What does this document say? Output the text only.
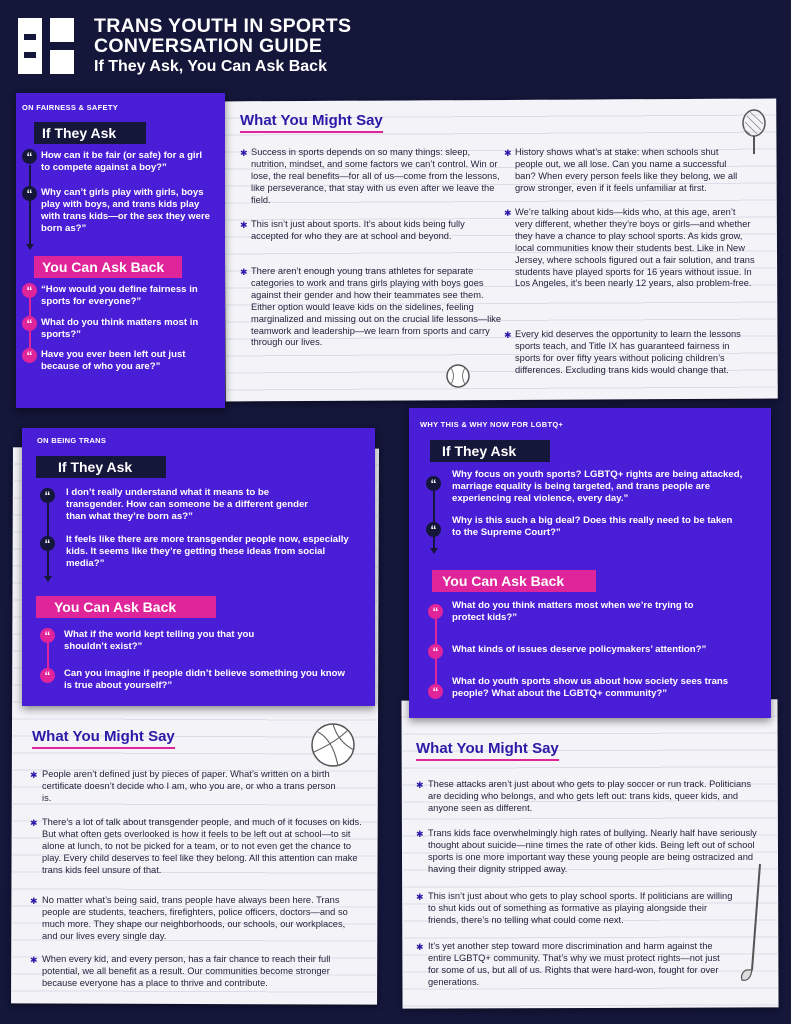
TRANS YOUTH IN SPORTS
CONVERSATION GUIDE
If They Ask, You Can Ask Back
What You Might Say
✱ Success in sports depends on so many things: sleep, nutrition, mindset, and some factors we can’t control. Win or lose, the real benefits—for all of us—come from the lessons, like perseverance, that stay with us even after we leave the field.
✱ This isn’t just about sports. It’s about kids being fully accepted for who they are at school and beyond.
✱ There aren’t enough young trans athletes for separate categories to work and trans girls playing with boys goes against their gender and how their teammates see them. Either option would leave kids on the sidelines, feeling marginalized and missing out on the crucial life lessons—like teamwork and leadership—we learn from sports and carry through our lives.
✱ History shows what’s at stake: when schools shut people out, we all lose. Can you name a successful ban? When every person feels like they belong, we all grow stronger, even if it feels unfamiliar at first.
✱ We’re talking about kids—kids who, at this age, aren’t very different, whether they’re boys or girls—and whether they have a chance to play school sports. As kids grow, local communities know their students best. Like in New Jersey, where schools figured out a fair solution, and trans students have played sports for 16 years without issue. In Los Angeles, it’s been nearly 12 years, also problem-free.
✱ Every kid deserves the opportunity to learn the lessons sports teach, and Title IX has guaranteed fairness in sports for over fifty years without policing children’s differences. Excluding trans kids would change that.
ON FAIRNESS & SAFETY
If They Ask
“ How can it be fair (or safe) for a girl to compete against a boy?”
“ Why can’t girls play with girls, boys play with boys, and trans kids play with trans kids—or the sex they were born as?”
You Can Ask Back
“ “How would you define fairness in sports for everyone?”
“ What do you think matters most in sports?”
“ Have you ever been left out just because of who you are?”
ON BEING TRANS
If They Ask
“	I don’t really understand what it means to be transgender. How can someone be a different gender than what they’re born as?”
“	It feels like there are more transgender people now, especially kids. It seems like they’re getting these ideas from social media?”
You Can Ask Back
“	What if the world kept telling you that you shouldn’t exist?”
“	Can you imagine if people didn’t believe something you know is true about yourself?”
What You Might Say
✱ People aren’t defined just by pieces of paper. What’s written on a birth certificate doesn’t decide who I am, who you are, or who a trans person is.
✱ There’s a lot of talk about transgender people, and much of it focuses on kids. But what often gets overlooked is how it feels to be left out at school—to sit alone at lunch, to not be picked for a team, or to not even get the chance to play. Every child deserves to feel like they belong. All this attention can make trans kids feel unsure of that.
✱ No matter what’s being said, trans people have always been here. Trans people are students, teachers, firefighters, police officers, doctors—and so much more. They shape our neighborhoods, our schools, our workplaces, and our lives every single day.
✱ When every kid, and every person, has a fair chance to reach their full potential, we all benefit as a result. Our communities become stronger because everyone has a place to thrive and contribute.
WHY THIS & WHY NOW FOR LGBTQ+
If They Ask
“
Why focus on youth sports? LGBTQ+ rights are being attacked, marriage equality is being targeted, and trans people are experiencing real violence, every day.”
“
Why is this such a big deal? Does this really need to be taken to the Supreme Court?”
You Can Ask Back
“	What do you think matters most when we’re trying to protect kids?”
“	What kinds of issues deserve policymakers’ attention?”
“
What do youth sports show us about how society sees trans people? What about the LGBTQ+ community?”
What You Might Say
✱ These attacks aren’t just about who gets to play soccer or run track. Politicians are deciding who belongs, and who gets left out: trans kids, queer kids, and anyone seen as different.
✱ Trans kids face overwhelmingly high rates of bullying. Nearly half have seriously thought about suicide—nine times the rate of other kids. Being left out of school sports is one more important way these young people are being ostracized and having their dignity stripped away.
✱ This isn’t just about who gets to play school sports. If politicians are willing to shut kids out of something as formative as playing alongside their friends, there’s no telling what could come next.
✱ It’s yet another step toward more discrimination and harm against the entire LGBTQ+ community. That’s why we must protect rights—not just for some of us, but all of us. Rights that were hard-won, fought for over generations.
